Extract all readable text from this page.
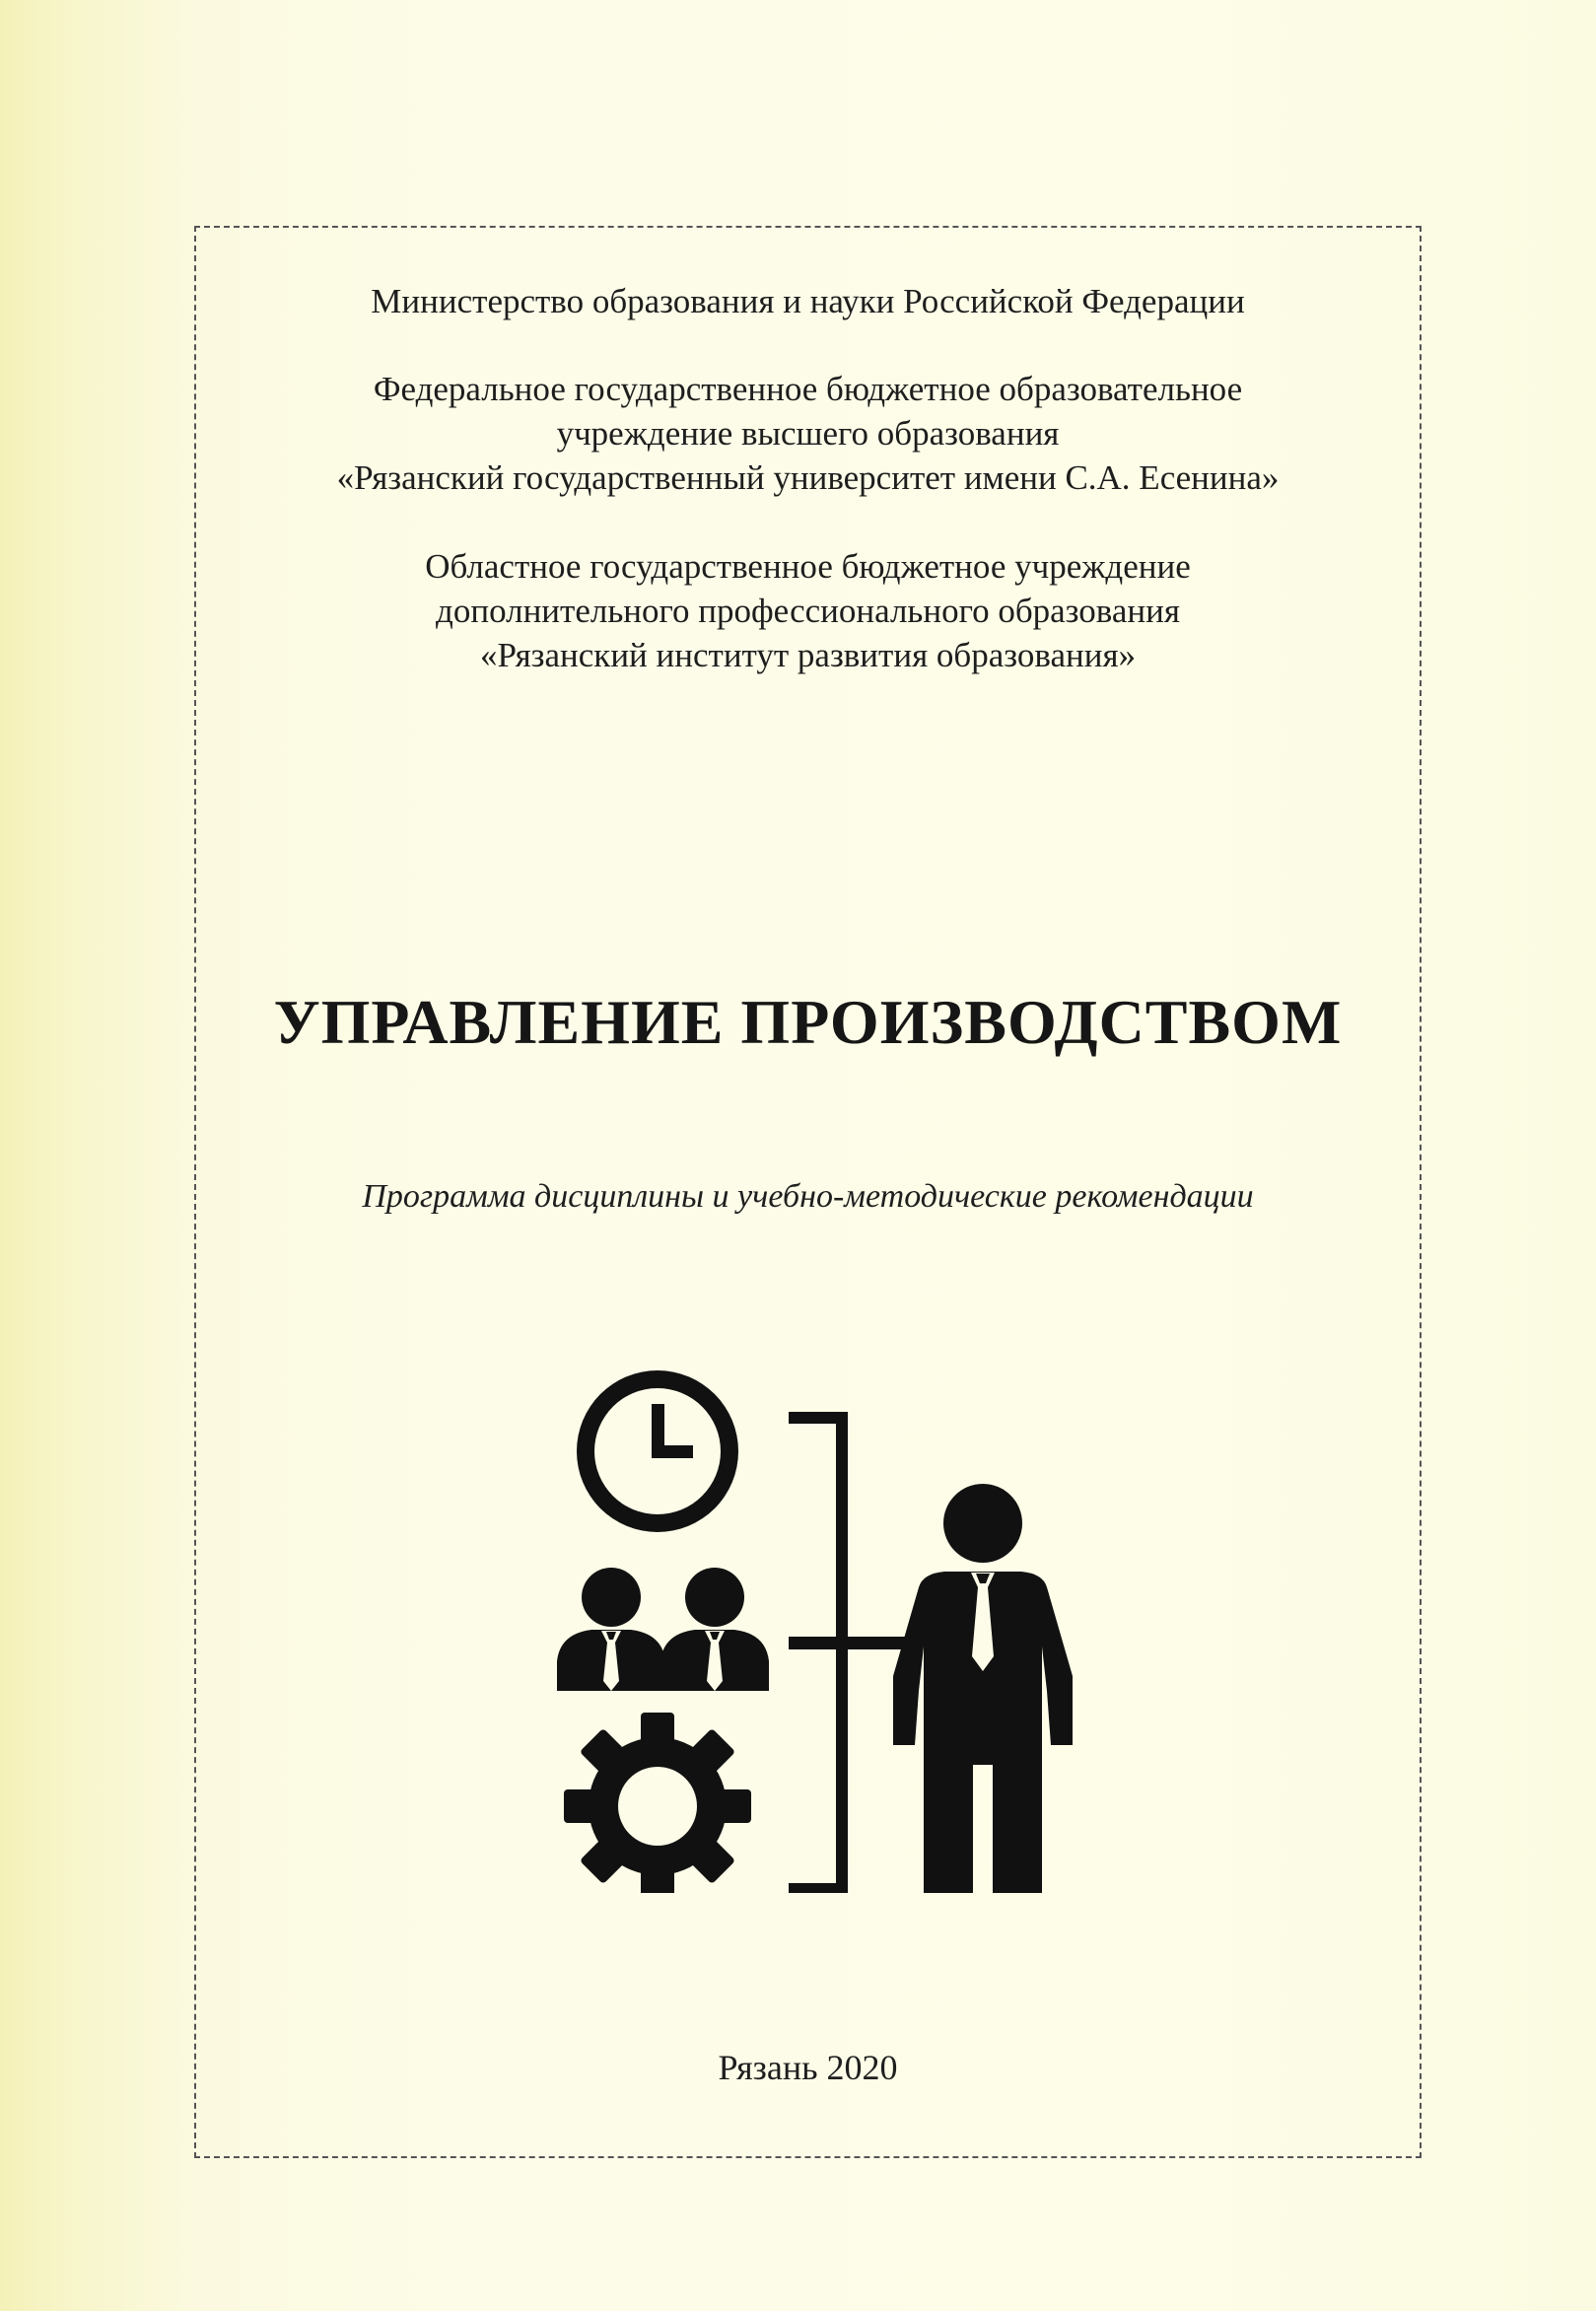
Министерство образования и науки Российской Федерации
Федеральное государственное бюджетное образовательное
учреждение высшего образования
«Рязанский государственный университет имени С.А. Есенина»
Областное государственное бюджетное учреждение
дополнительного профессионального образования
«Рязанский институт развития образования»
УПРАВЛЕНИЕ ПРОИЗВОДСТВОМ
Программа дисциплины и учебно-методические рекомендации
Рязань 2020
